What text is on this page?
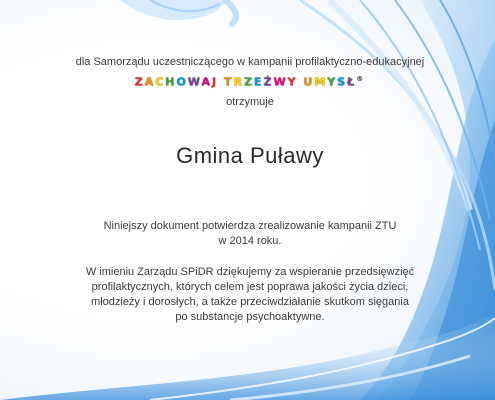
dla Samorządu uczestniczącego w kampanii profilaktyczno-edukacyjnej
ZACHOWAJ TRZEŹWY UMYSŁ®
otrzymuje
Gmina Puławy
Niniejszy dokument potwierdza zrealizowanie kampanii ZTU
w 2014 roku.
W imieniu Zarządu SPiDR dziękujemy za wspieranie przedsięwzięć
profilaktycznych, których celem jest poprawa jakości życia dzieci,
młodzieży i dorosłych, a także przeciwdziałanie skutkom sięgania
po substancje psychoaktywne.
